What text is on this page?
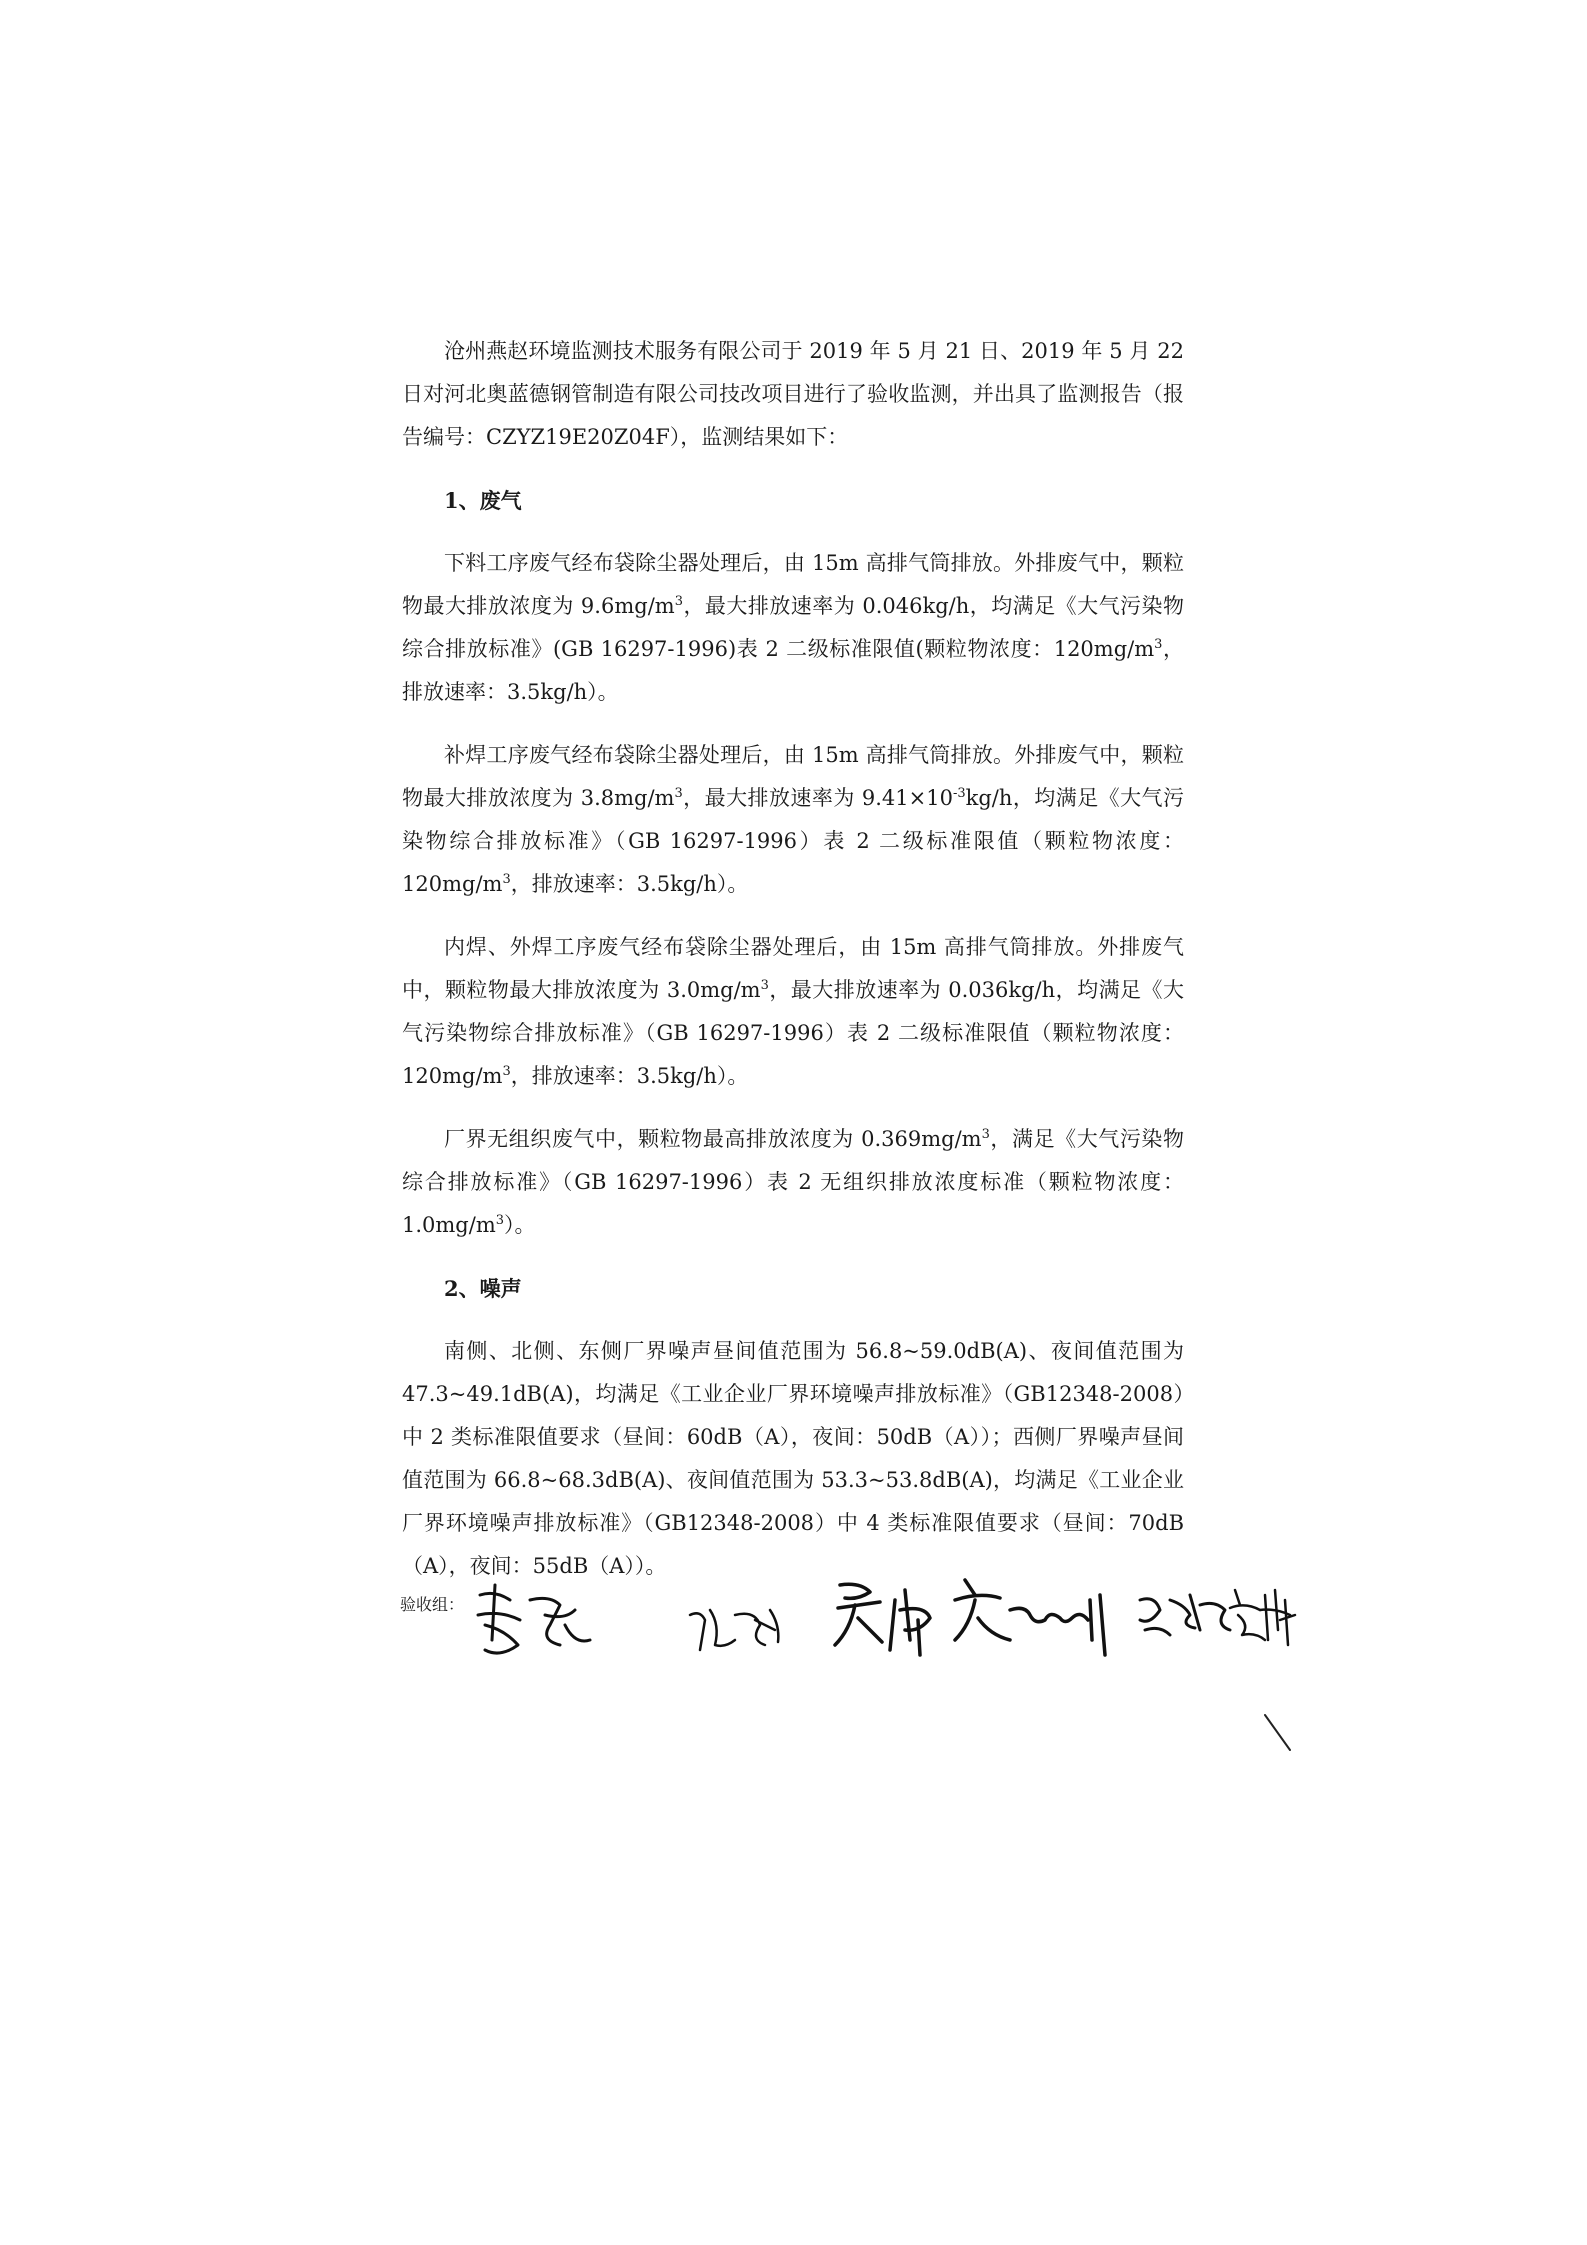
沧州燕赵环境监测技术服务有限公司于 2019 年 5 月 21 日、2019 年 5 月 22 日对河北奥蓝德钢管制造有限公司技改项目进行了验收监测，并出具了监测报告（报告编号：CZYZ19E20Z04F），监测结果如下：

1、废气

下料工序废气经布袋除尘器处理后，由 15m 高排气筒排放。外排废气中，颗粒物最大排放浓度为 $9.6mg/m^3$，最大排放速率为 0.046kg/h，均满足《大气污染物综合排放标准》(GB 16297-1996)表 2 二级标准限值(颗粒物浓度：$120mg/m^3$，排放速率：3.5kg/h）。

补焊工序废气经布袋除尘器处理后，由 15m 高排气筒排放。外排废气中，颗粒物最大排放浓度为 $3.8mg/m^3$，最大排放速率为 $9.41\times 10^{-3}kg/h$，均满足《大气污染物综合排放标准》（GB 16297-1996）表 2 二级标准限值（颗粒物浓度：$120mg/m^3$，排放速率：3.5kg/h）。

内焊、外焊工序废气经布袋除尘器处理后，由 15m 高排气筒排放。外排废气中，颗粒物最大排放浓度为 $3.0mg/m^3$，最大排放速率为 0.036kg/h，均满足《大气污染物综合排放标准》（GB 16297-1996）表 2 二级标准限值（颗粒物浓度：$120mg/m^3$，排放速率：3.5kg/h）。

厂界无组织废气中，颗粒物最高排放浓度为 $0.369mg/m^3$，满足《大气污染物综合排放标准》（GB 16297-1996）表 2 无组织排放浓度标准（颗粒物浓度：$1.0mg/m^3$）。

2、噪声

南侧、北侧、东侧厂界噪声昼间值范围为 56.8~59.0dB(A)、夜间值范围为 47.3~49.1dB(A)，均满足《工业企业厂界环境噪声排放标准》（GB12348-2008）中 2 类标准限值要求（昼间：60dB（A），夜间：50dB（A））；西侧厂界噪声昼间值范围为 66.8~68.3dB(A)、夜间值范围为 53.3~53.8dB(A)，均满足《工业企业厂界环境噪声排放标准》（GB12348-2008）中 4 类标准限值要求（昼间：70dB（A），夜间：55dB（A））。

验收组：
